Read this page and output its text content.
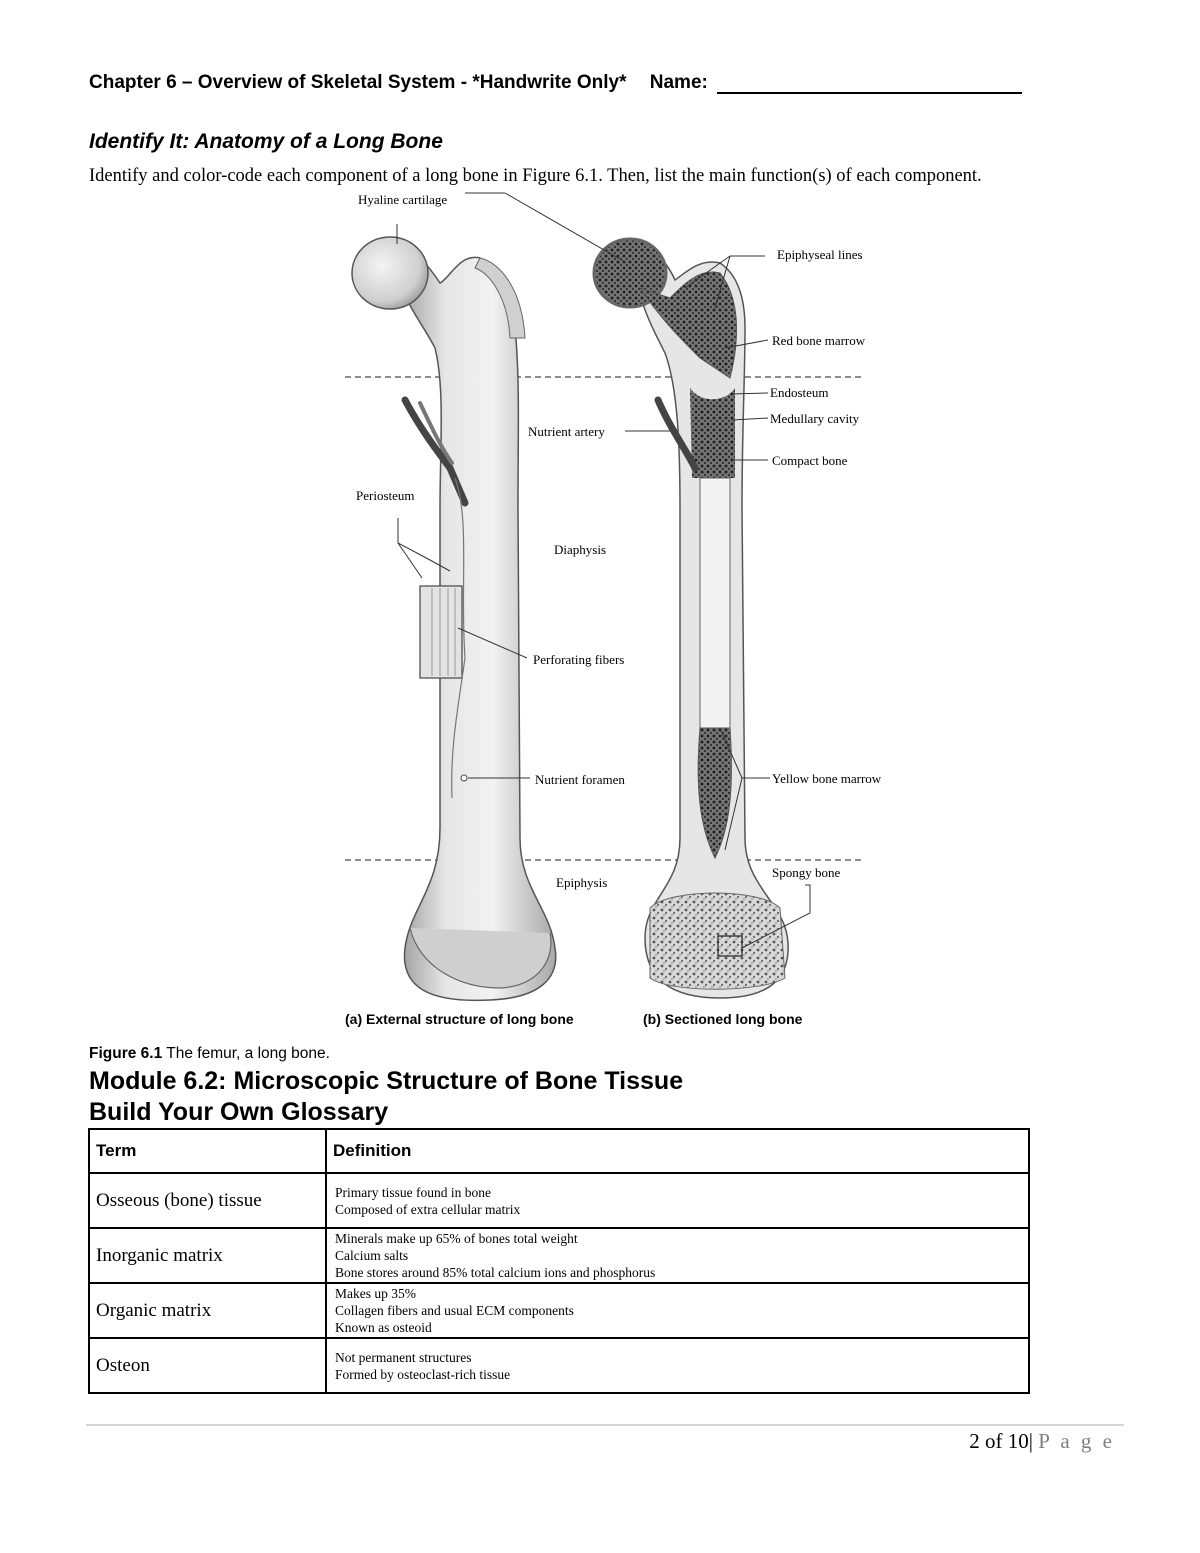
Chapter 6 – Overview of Skeletal System - *Handwrite Only* Name:
Identify It: Anatomy of a Long Bone
Identify and color-code each component of a long bone in Figure 6.1. Then, list the main function(s) of each component.
Hyaline cartilage
Epiphyseal lines
Red bone marrow
Endosteum
Medullary cavity
Nutrient artery
Compact bone
Periosteum
Diaphysis
Perforating fibers
Yellow bone marrow
Nutrient foramen
Spongy bone
Epiphysis
(a) External structure of long bone	(b) Sectioned long bone
Figure 6.1 The femur, a long bone.
Module 6.2: Microscopic Structure of Bone Tissue
Build Your Own Glossary
Term	Definition
Osseous (bone) tissue	Primary tissue found in bone
Composed of extra cellular matrix

Inorganic matrix	Minerals make up 65% of bones total weight
Calcium salts
Bone stores around 85% total calcium ions and phosphorus

Organic matrix	Makes up 35%
Collagen fibers and usual ECM components
Known as osteoid

Osteon	Not permanent structures
Formed by osteoclast-rich tissue
2 of 10| P a g e
